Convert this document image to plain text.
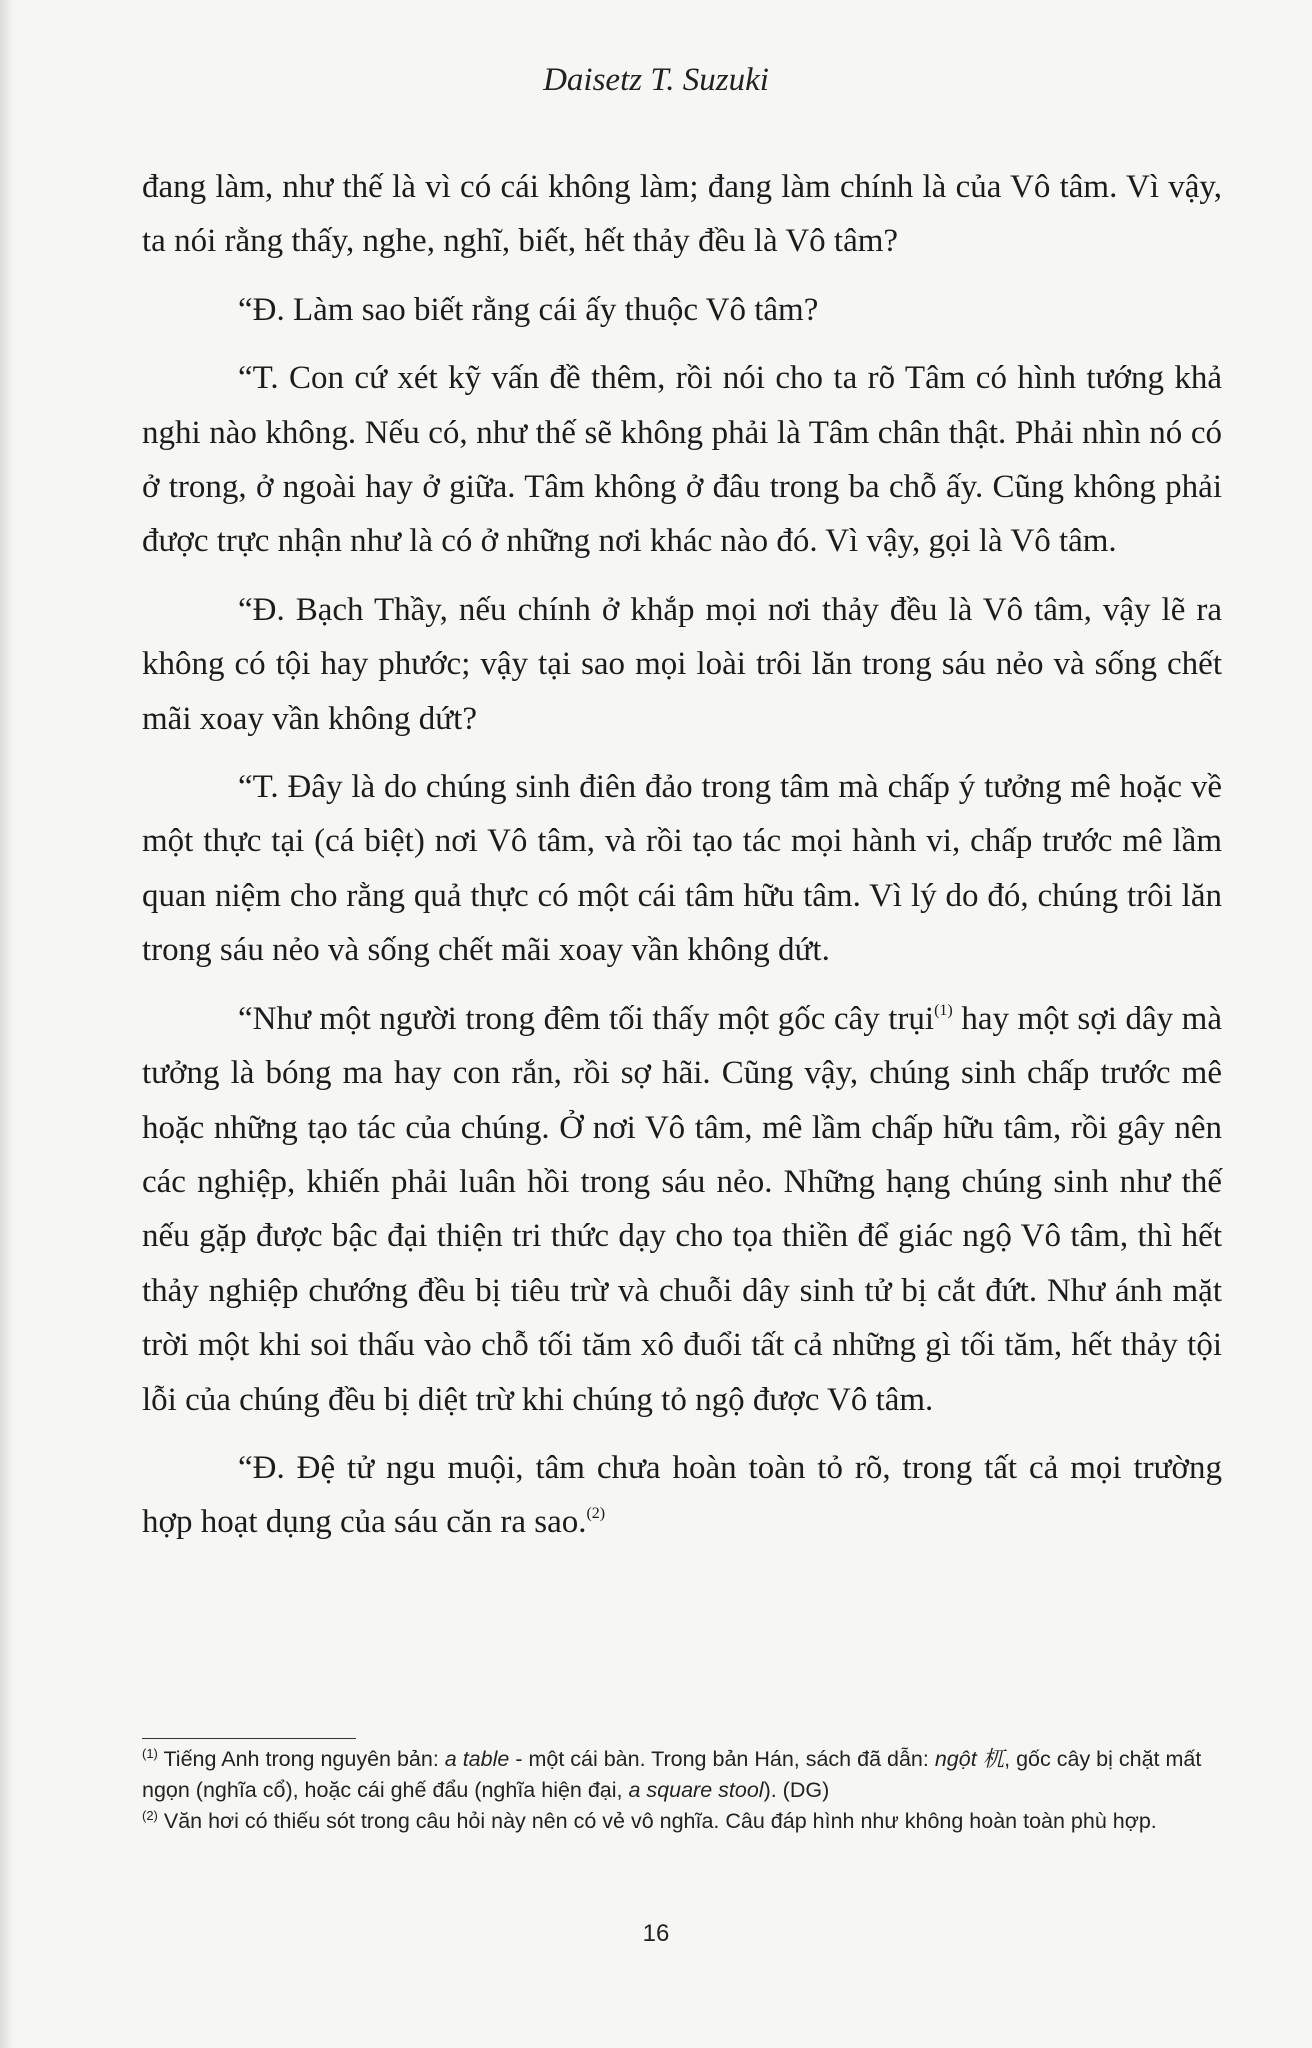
Daisetz T. Suzuki

đang làm, như thế là vì có cái không làm; đang làm chính là của Vô tâm. Vì vậy, ta nói rằng thấy, nghe, nghĩ, biết, hết thảy đều là Vô tâm?

“Đ. Làm sao biết rằng cái ấy thuộc Vô tâm?

“T. Con cứ xét kỹ vấn đề thêm, rồi nói cho ta rõ Tâm có hình tướng khả nghi nào không. Nếu có, như thế sẽ không phải là Tâm chân thật. Phải nhìn nó có ở trong, ở ngoài hay ở giữa. Tâm không ở đâu trong ba chỗ ấy. Cũng không phải được trực nhận như là có ở những nơi khác nào đó. Vì vậy, gọi là Vô tâm.

“Đ. Bạch Thầy, nếu chính ở khắp mọi nơi thảy đều là Vô tâm, vậy lẽ ra không có tội hay phước; vậy tại sao mọi loài trôi lăn trong sáu nẻo và sống chết mãi xoay vần không dứt?

“T. Đây là do chúng sinh điên đảo trong tâm mà chấp ý tưởng mê hoặc về một thực tại (cá biệt) nơi Vô tâm, và rồi tạo tác mọi hành vi, chấp trước mê lầm quan niệm cho rằng quả thực có một cái tâm hữu tâm. Vì lý do đó, chúng trôi lăn trong sáu nẻo và sống chết mãi xoay vần không dứt.

“Như một người trong đêm tối thấy một gốc cây trụi$^{(1)}$ hay một sợi dây mà tưởng là bóng ma hay con rắn, rồi sợ hãi. Cũng vậy, chúng sinh chấp trước mê hoặc những tạo tác của chúng. Ở nơi Vô tâm, mê lầm chấp hữu tâm, rồi gây nên các nghiệp, khiến phải luân hồi trong sáu nẻo. Những hạng chúng sinh như thế nếu gặp được bậc đại thiện tri thức dạy cho tọa thiền để giác ngộ Vô tâm, thì hết thảy nghiệp chướng đều bị tiêu trừ và chuỗi dây sinh tử bị cắt đứt. Như ánh mặt trời một khi soi thấu vào chỗ tối tăm xô đuổi tất cả những gì tối tăm, hết thảy tội lỗi của chúng đều bị diệt trừ khi chúng tỏ ngộ được Vô tâm.

“Đ. Đệ tử ngu muội, tâm chưa hoàn toàn tỏ rõ, trong tất cả mọi trường hợp hoạt dụng của sáu căn ra sao.$^{(2)}$

$^{(1)}$ Tiếng Anh trong nguyên bản: a table - một cái bàn. Trong bản Hán, sách đã dẫn: ngột 杌, gốc cây bị chặt mất ngọn (nghĩa cổ), hoặc cái ghế đẩu (nghĩa hiện đại, a square stool). (DG)

$^{(2)}$ Văn hơi có thiếu sót trong câu hỏi này nên có vẻ vô nghĩa. Câu đáp hình như không hoàn toàn phù hợp.

16
